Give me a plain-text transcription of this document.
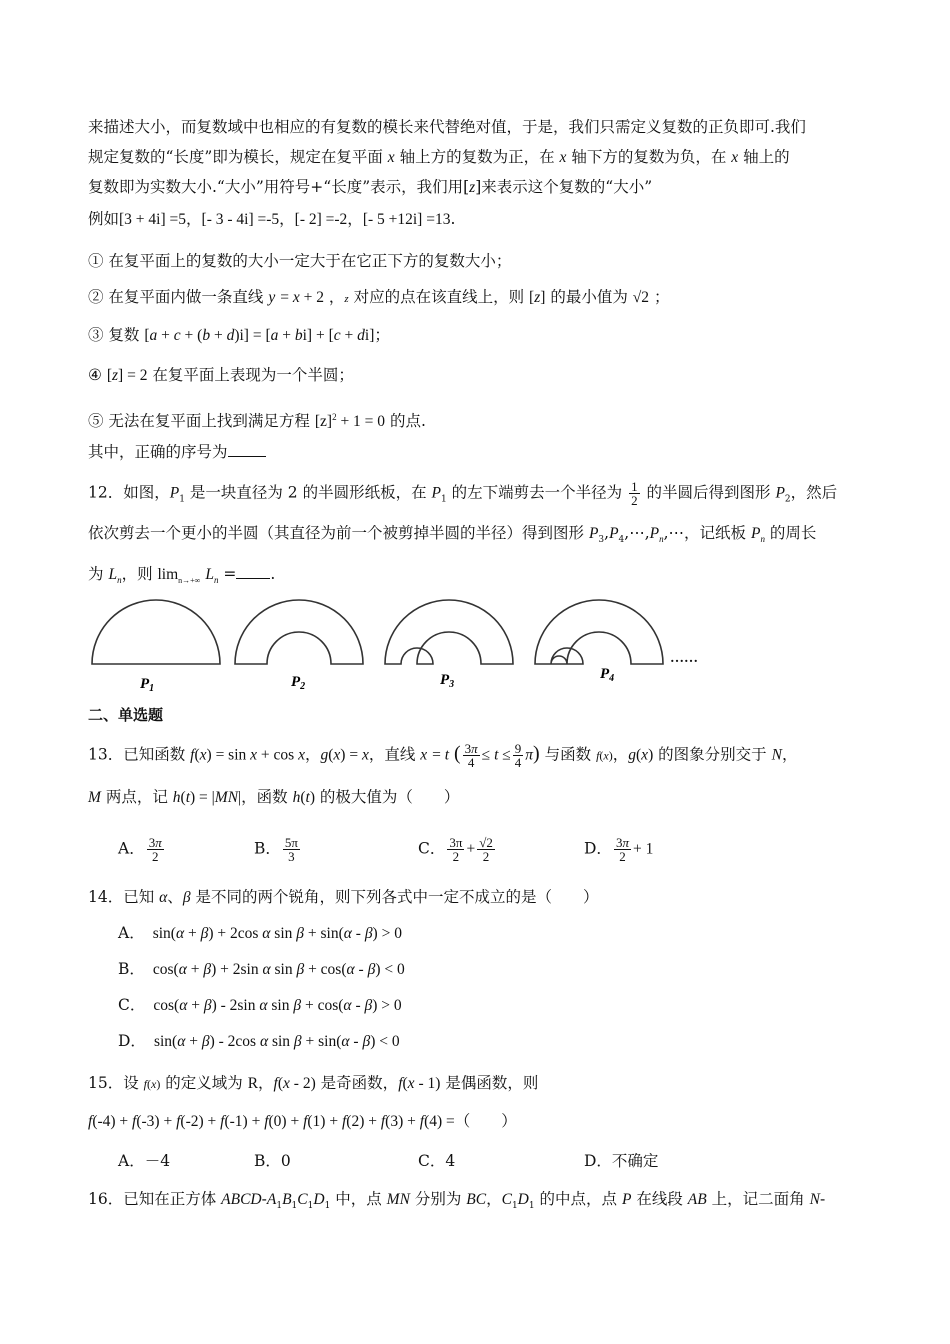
来描述大小，而复数域中也相应的有复数的模长来代替绝对值，于是，我们只需定义复数的正负即可.我们
规定复数的“长度”即为模长，规定在复平面 x 轴上方的复数为正，在 x 轴下方的复数为负，在 x 轴上的
复数即为实数大小.“大小”用符号+“长度”表示，我们用[z]来表示这个复数的“大小”
例如[3 + 4i] =5，[- 3 - 4i] =-5，[- 2] =-2，[- 5 +12i] =13.
① 在复平面上的复数的大小一定大于在它正下方的复数大小；
② 在复平面内做一条直线 y = x + 2 ，z 对应的点在该直线上，则 [z] 的最小值为 √2 ；
③ 复数 [a + c + (b + d)i] = [a + bi] + [c + di]；
④ [z] = 2 在复平面上表现为一个半圆；
⑤ 无法在复平面上找到满足方程 $[z]^2 + 1 = 0$ 的点.
其中，正确的序号为
12．如图，$P_1$ 是一块直径为 2 的半圆形纸板，在 $P_1$ 的左下端剪去一个半径为 $\frac{1}{2}$ 的半圆后得到图形 $P_2$，然后
依次剪去一个更小的半圆（其直径为前一个被剪掉半圆的半径）得到图形 $P_3,P_4,\cdots,P_n,\cdots$，记纸板 $P_n$ 的周长
为 $L_n$，则 $\lim_{n\to+\infty} L_n$ = .
$P_1$	$P_2$	$P_3$
$P_4$
……
二、单选题
13．已知函数 f(x) = sin x + cos x，g(x) = x，直线 x = t ( $\frac{3\pi}{4} \le t \le \frac{9}{4} \pi$) 与函数 f(x)，g(x) 的图象分别交于 N，
M 两点，记 h(t) = |MN|，函数 h(t) 的极大值为（　　）
A． $\frac{3\pi}{2}$	B． $\frac{5\pi}{3}$	C． $\frac{3\pi}{2} + \frac{√2}{2}$	D． $\frac{3\pi}{2} + 1$
14．已知 α、β 是不同的两个锐角，则下列各式中一定不成立的是（　　）
A． sin(α + β) + 2cos α sin β + sin(α - β) > 0
B． cos(α + β) + 2sin α sin β + cos(α - β) < 0
C． cos(α + β) - 2sin α sin β + cos(α - β) > 0
D． sin(α + β) - 2cos α sin β + sin(α - β) < 0
15．设 f(x) 的定义域为 R，f(x - 2) 是奇函数，f(x - 1) 是偶函数，则
f(-4) + f(-3) + f(-2) + f(-1) + f(0) + f(1) + f(2) + f(3) + f(4) =（　　）
A．－4	B．0	C．4	D．不确定
16．已知在正方体 ABCD-$A_1B_1C_1D_1$ 中，点 MN 分别为 BC，$C_1D_1$ 的中点，点 P 在线段 AB 上，记二面角 N-
